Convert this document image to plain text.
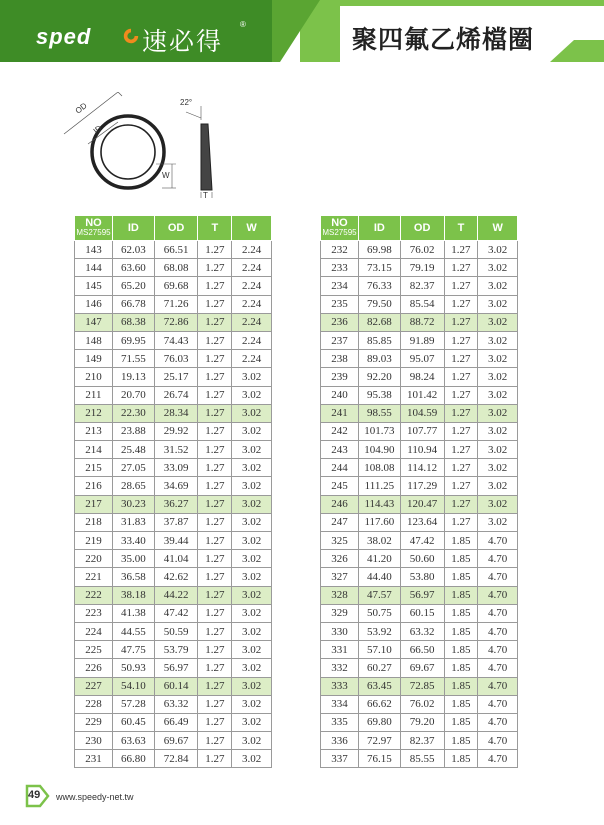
sped 速必得
®
聚四氟乙烯檔圈
OD
ID
W
22°
T
NO
MS27595	ID	OD	T	W
143	62.03	66.51	1.27	2.24
144	63.60	68.08	1.27	2.24
145	65.20	69.68	1.27	2.24
146	66.78	71.26	1.27	2.24
147	68.38	72.86	1.27	2.24
148	69.95	74.43	1.27	2.24
149	71.55	76.03	1.27	2.24
210	19.13	25.17	1.27	3.02
211	20.70	26.74	1.27	3.02
212	22.30	28.34	1.27	3.02
213	23.88	29.92	1.27	3.02
214	25.48	31.52	1.27	3.02
215	27.05	33.09	1.27	3.02
216	28.65	34.69	1.27	3.02
217	30.23	36.27	1.27	3.02
218	31.83	37.87	1.27	3.02
219	33.40	39.44	1.27	3.02
220	35.00	41.04	1.27	3.02
221	36.58	42.62	1.27	3.02
222	38.18	44.22	1.27	3.02
223	41.38	47.42	1.27	3.02
224	44.55	50.59	1.27	3.02
225	47.75	53.79	1.27	3.02
226	50.93	56.97	1.27	3.02
227	54.10	60.14	1.27	3.02
228	57.28	63.32	1.27	3.02
229	60.45	66.49	1.27	3.02
230	63.63	69.67	1.27	3.02
231	66.80	72.84	1.27	3.02
NO
MS27595	ID	OD	T	W
232	69.98	76.02	1.27	3.02
233	73.15	79.19	1.27	3.02
234	76.33	82.37	1.27	3.02
235	79.50	85.54	1.27	3.02
236	82.68	88.72	1.27	3.02
237	85.85	91.89	1.27	3.02
238	89.03	95.07	1.27	3.02
239	92.20	98.24	1.27	3.02
240	95.38	101.42	1.27	3.02
241	98.55	104.59	1.27	3.02
242	101.73	107.77	1.27	3.02
243	104.90	110.94	1.27	3.02
244	108.08	114.12	1.27	3.02
245	111.25	117.29	1.27	3.02
246	114.43	120.47	1.27	3.02
247	117.60	123.64	1.27	3.02
325	38.02	47.42	1.85	4.70
326	41.20	50.60	1.85	4.70
327	44.40	53.80	1.85	4.70
328	47.57	56.97	1.85	4.70
329	50.75	60.15	1.85	4.70
330	53.92	63.32	1.85	4.70
331	57.10	66.50	1.85	4.70
332	60.27	69.67	1.85	4.70
333	63.45	72.85	1.85	4.70
334	66.62	76.02	1.85	4.70
335	69.80	79.20	1.85	4.70
336	72.97	82.37	1.85	4.70
337	76.15	85.55	1.85	4.70
49 www.speedy-net.tw
